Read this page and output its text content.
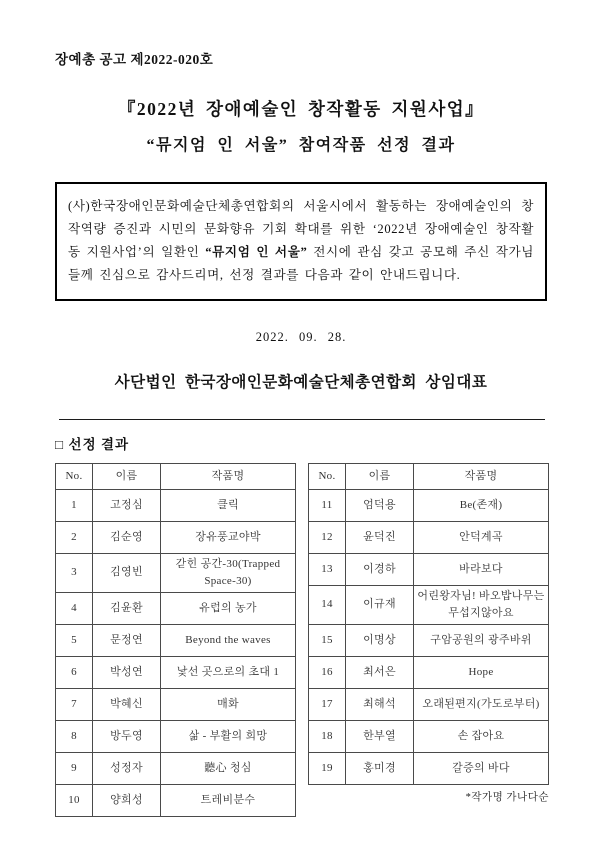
장예총 공고 제2022-020호
『2022년 장애예술인 창작활동 지원사업』
“뮤지엄 인 서울” 참여작품 선정 결과
(사)한국장애인문화예술단체총연합회의 서울시에서 활동하는 장애예술인의 창작역량 증진과 시민의 문화향유 기회 확대를 위한 ‘2022년 장애예술인 창작활동 지원사업’의 일환인 “뮤지엄 인 서울” 전시에 관심 갖고 공모해 주신 작가님들께 진심으로 감사드리며, 선정 결과를 다음과 같이 안내드립니다.
2022. 09. 28.
사단법인 한국장애인문화예술단체총연합회 상임대표
□ 선정 결과
No.	이름	작품명
1	고정심	클릭
2	김순영	장유풍교야박
3	김영빈	갇힌 공간-30(Trapped Space-30)
4	김윤환	유럽의 농가
5	문정연	Beyond the waves
6	박성연	낯선 곳으로의 초대 1
7	박혜신	매화
8	방두영	삶 - 부활의 희망
9	성정자	聽心 청심
10	양희성	트레비분수
No.	이름	작품명
11	엄덕용	Be(존재)
12	윤덕진	안덕계곡
13	이경하	바라보다
14	이규재	어린왕자님! 바오밥나무는 무섭지않아요
15	이명상	구암공원의 광주바위
16	최서은	Hope
17	최해석	오래된편지(가도로부터)
18	한부열	손 잡아요
19	홍미경	갈증의 바다
*작가명 가나다순
